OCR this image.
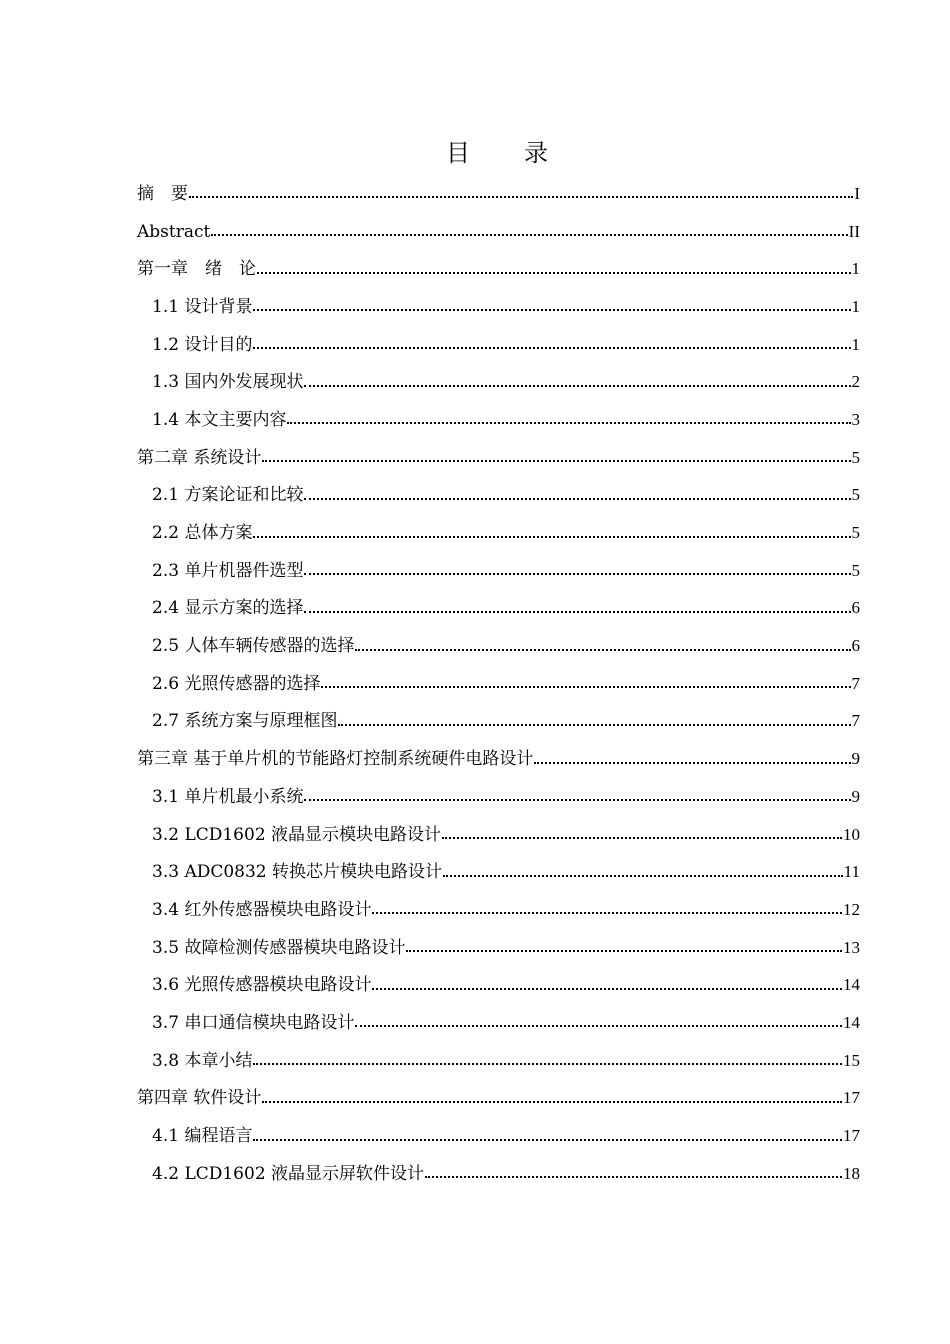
目　　录
摘　要	I
Abstract	II
第一章　绪　论	1
1.1 设计背景	1
1.2 设计目的	1
1.3 国内外发展现状	2
1.4 本文主要内容	3
第二章 系统设计	5
2.1 方案论证和比较	5
2.2 总体方案	5
2.3 单片机器件选型	5
2.4 显示方案的选择	6
2.5 人体车辆传感器的选择	6
2.6 光照传感器的选择	7
2.7 系统方案与原理框图	7
第三章 基于单片机的节能路灯控制系统硬件电路设计	9
3.1 单片机最小系统	9
3.2 LCD1602 液晶显示模块电路设计	10
3.3 ADC0832 转换芯片模块电路设计	11
3.4 红外传感器模块电路设计	12
3.5 故障检测传感器模块电路设计	13
3.6 光照传感器模块电路设计	14
3.7 串口通信模块电路设计	14
3.8 本章小结	15
第四章 软件设计	17
4.1 编程语言	17
4.2 LCD1602 液晶显示屏软件设计	18
